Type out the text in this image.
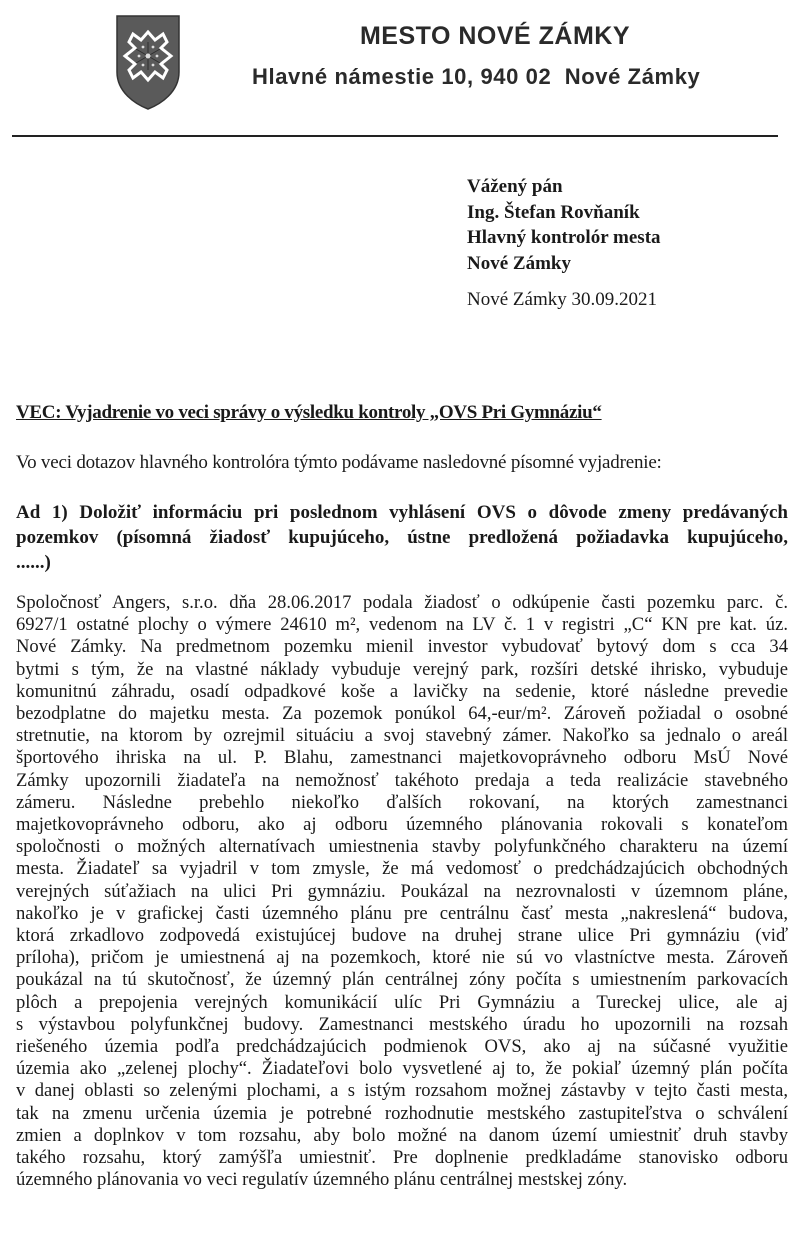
MESTO NOVÉ ZÁMKY
Hlavné námestie 10, 940 02  Nové Zámky
Vážený pán
Ing. Štefan Rovňaník
Hlavný kontrolór mesta
Nové Zámky
Nové Zámky 30.09.2021
VEC: Vyjadrenie vo veci správy o výsledku kontroly „OVS Pri Gymnáziu“
Vo veci dotazov hlavného kontrolóra týmto podávame nasledovné písomné vyjadrenie:
Ad 1) Doložiť informáciu pri poslednom vyhlásení OVS o dôvode zmeny predávaných
pozemkov (písomná žiadosť kupujúceho, ústne predložená požiadavka kupujúceho,
......)
Spoločnosť Angers, s.r.o. dňa 28.06.2017 podala žiadosť o odkúpenie časti pozemku parc. č.
6927/1 ostatné plochy o výmere 24610 m², vedenom na LV č. 1 v registri „C“ KN pre kat. úz.
Nové Zámky. Na predmetnom pozemku mienil investor vybudovať bytový dom s cca 34
bytmi s tým, že na vlastné náklady vybuduje verejný park, rozšíri detské ihrisko, vybuduje
komunitnú záhradu, osadí odpadkové koše a lavičky na sedenie, ktoré následne prevedie
bezodplatne do majetku mesta. Za pozemok ponúkol 64,-eur/m². Zároveň požiadal o osobné
stretnutie, na ktorom by ozrejmil situáciu a svoj stavebný zámer. Nakoľko sa jednalo o areál
športového ihriska na ul. P. Blahu, zamestnanci majetkovoprávneho odboru MsÚ Nové
Zámky upozornili žiadateľa na nemožnosť takéhoto predaja a teda realizácie stavebného
zámeru. Následne prebehlo niekoľko ďalších rokovaní, na ktorých zamestnanci
majetkovoprávneho odboru, ako aj odboru územného plánovania rokovali s konateľom
spoločnosti o možných alternatívach umiestnenia stavby polyfunkčného charakteru na území
mesta. Žiadateľ sa vyjadril v tom zmysle, že má vedomosť o predchádzajúcich obchodných
verejných súťažiach na ulici Pri gymnáziu. Poukázal na nezrovnalosti v územnom pláne,
nakoľko je v grafickej časti územného plánu pre centrálnu časť mesta „nakreslená“ budova,
ktorá zrkadlovo zodpovedá existujúcej budove na druhej strane ulice Pri gymnáziu (viď
príloha), pričom je umiestnená aj na pozemkoch, ktoré nie sú vo vlastníctve mesta. Zároveň
poukázal na tú skutočnosť, že územný plán centrálnej zóny počíta s umiestnením parkovacích
plôch a prepojenia verejných komunikácií ulíc Pri Gymnáziu a Tureckej ulice, ale aj
s výstavbou polyfunkčnej budovy. Zamestnanci mestského úradu ho upozornili na rozsah
riešeného územia podľa predchádzajúcich podmienok OVS, ako aj na súčasné využitie
územia ako „zelenej plochy“. Žiadateľovi bolo vysvetlené aj to, že pokiaľ územný plán počíta
v danej oblasti so zelenými plochami, a s istým rozsahom možnej zástavby v tejto časti mesta,
tak na zmenu určenia územia je potrebné rozhodnutie mestského zastupiteľstva o schválení
zmien a doplnkov v tom rozsahu, aby bolo možné na danom území umiestniť druh stavby
takého rozsahu, ktorý zamýšľa umiestniť. Pre doplnenie predkladáme stanovisko odboru
územného plánovania vo veci regulatív územného plánu centrálnej mestskej zóny.
